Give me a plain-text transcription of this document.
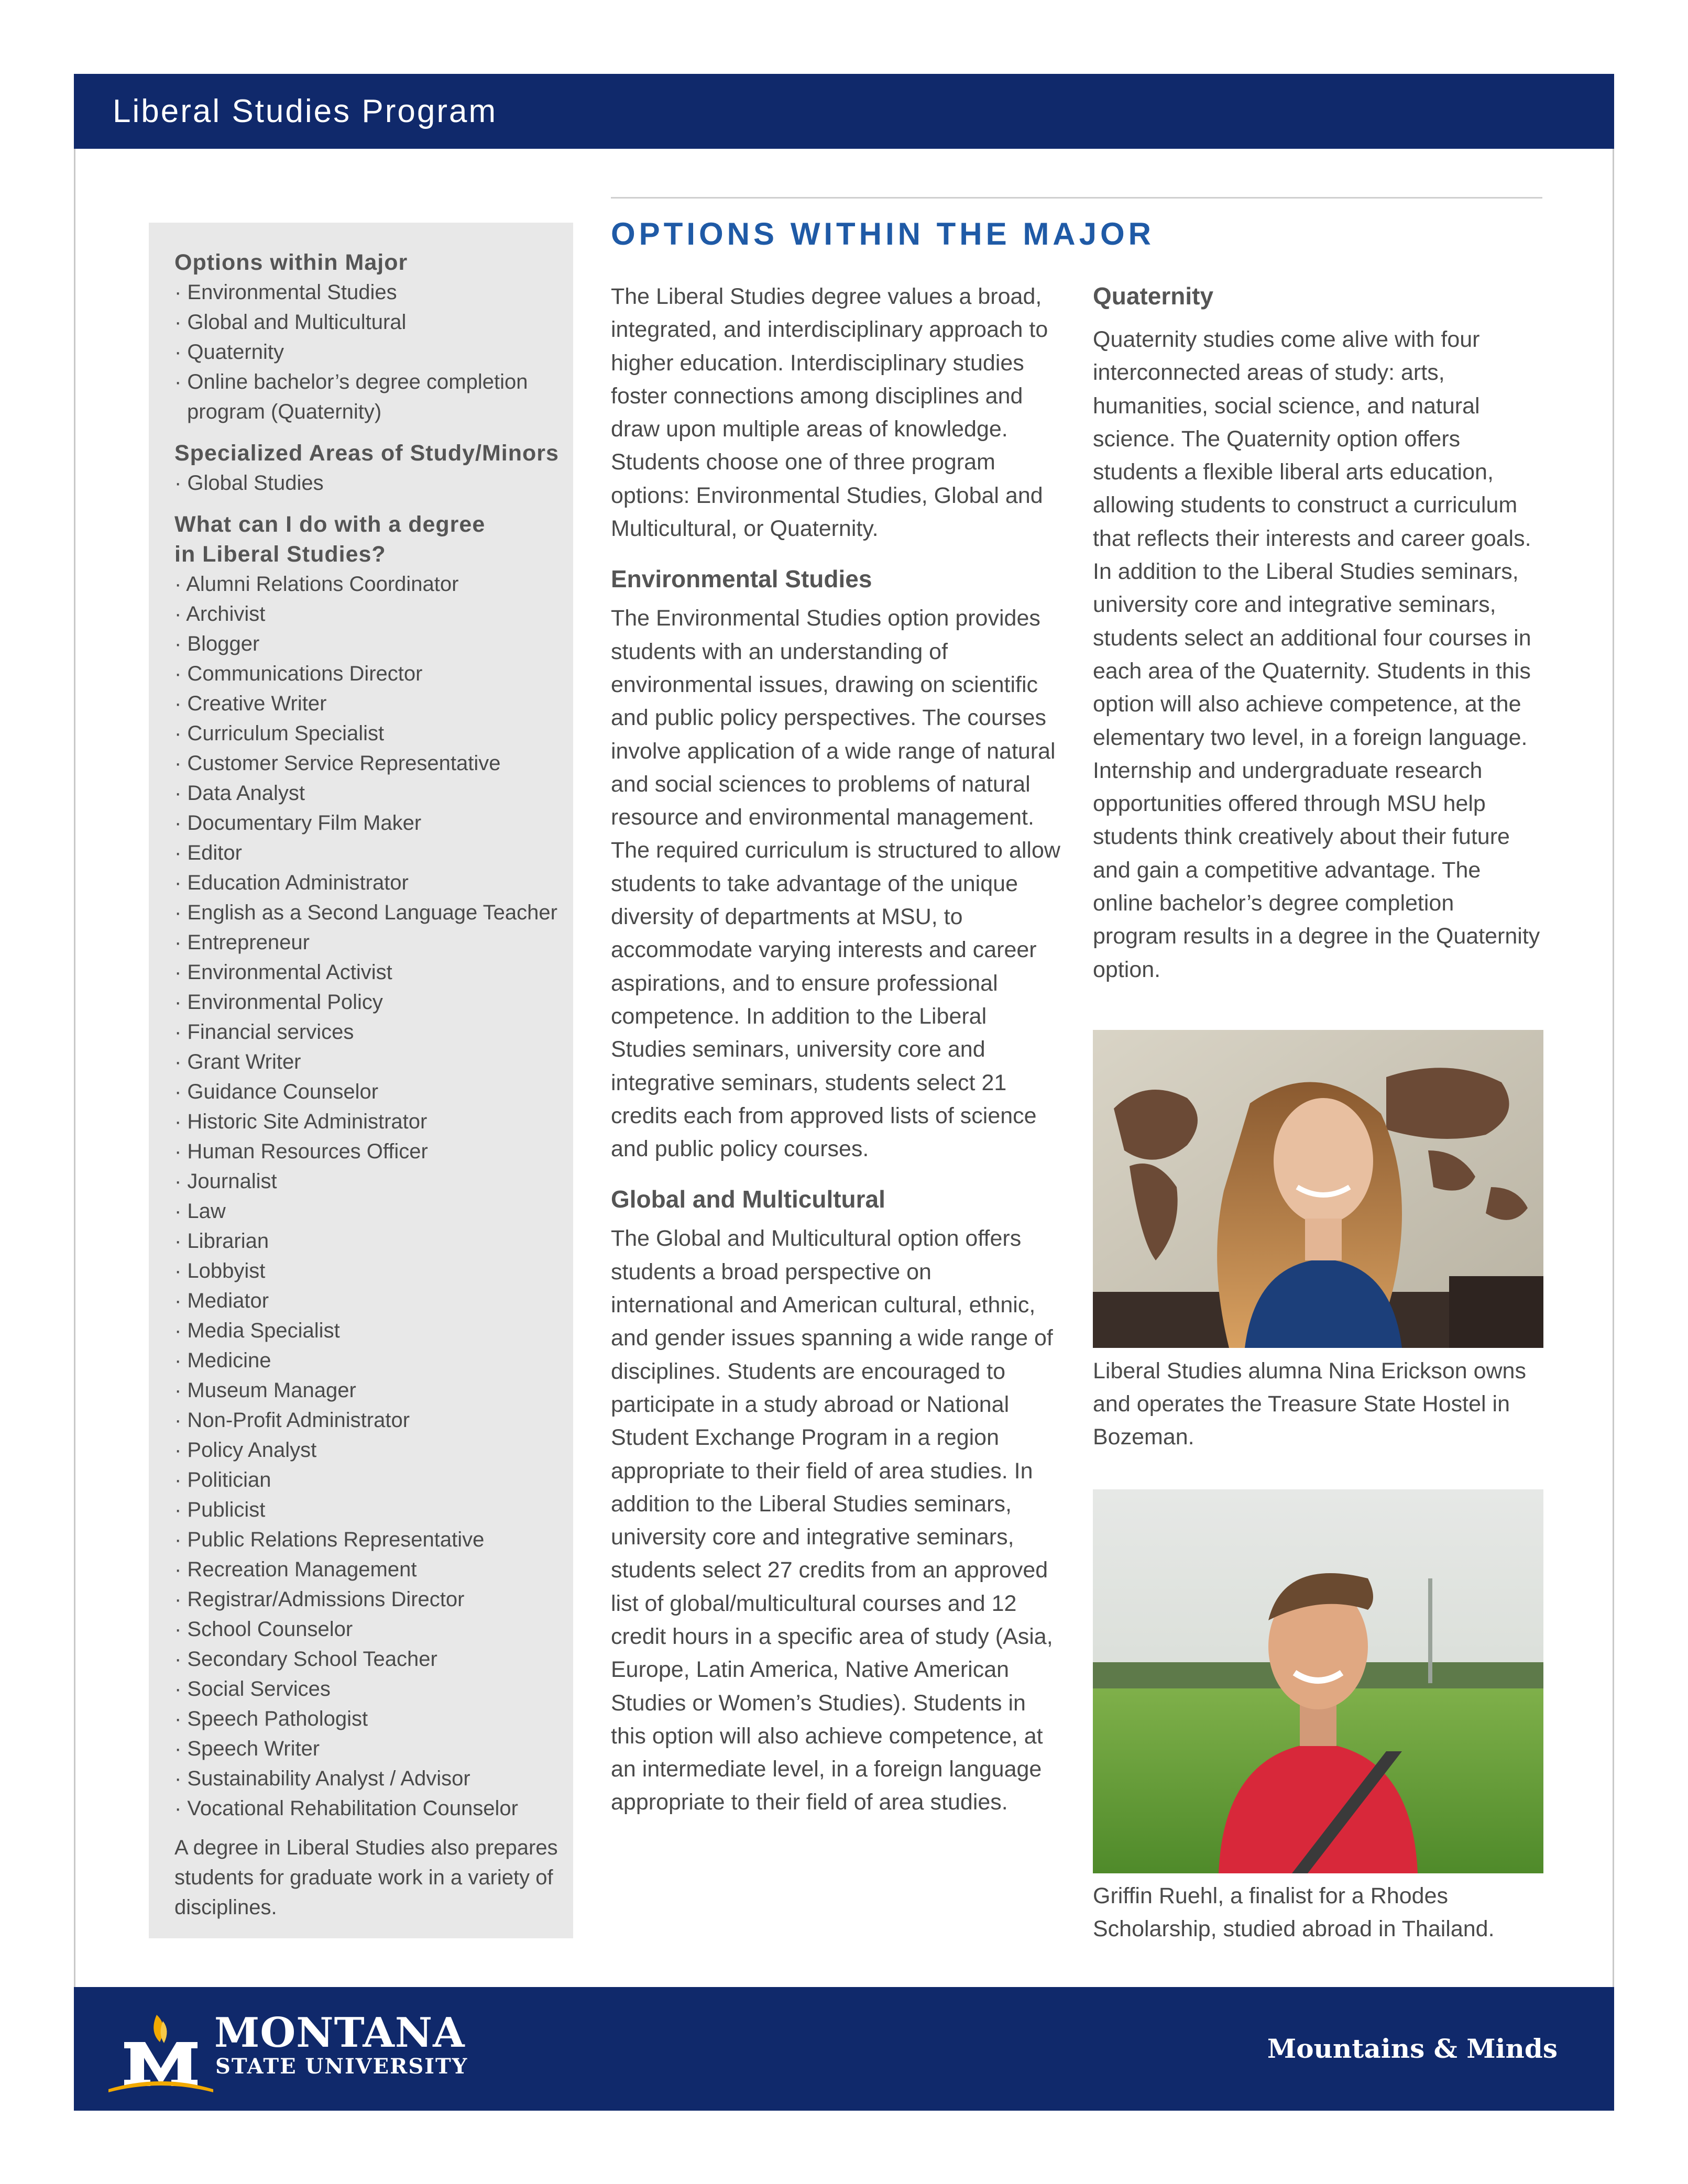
Liberal Studies Program
Options within Major
· Environmental Studies
· Global and Multicultural
· Quaternity
· Online bachelor’s degree completion program (Quaternity)
Specialized Areas of Study/Minors
· Global Studies
What can I do with a degree in Liberal Studies?
· Alumni Relations Coordinator
· Archivist
· Blogger
· Communications Director
· Creative Writer
· Curriculum Specialist
· Customer Service Representative
· Data Analyst
· Documentary Film Maker
· Editor
· Education Administrator
· English as a Second Language Teacher
· Entrepreneur
· Environmental Activist
· Environmental Policy
· Financial services
· Grant Writer
· Guidance Counselor
· Historic Site Administrator
· Human Resources Officer
· Journalist
· Law
· Librarian
· Lobbyist
· Mediator
· Media Specialist
· Medicine
· Museum Manager
· Non-Profit Administrator
· Policy Analyst
· Politician
· Publicist
· Public Relations Representative
· Recreation Management
· Registrar/Admissions Director
· School Counselor
· Secondary School Teacher
· Social Services
· Speech Pathologist
· Speech Writer
· Sustainability Analyst / Advisor
· Vocational Rehabilitation Counselor
A degree in Liberal Studies also prepares students for graduate work in a variety of disciplines.
OPTIONS WITHIN THE MAJOR

The Liberal Studies degree values a broad, integrated, and interdisciplinary approach to higher education. Interdisciplinary studies foster connections among disciplines and draw upon multiple areas of knowledge. Students choose one of three program options: Environmental Studies, Global and Multicultural, or Quaternity.

Environmental Studies

The Environmental Studies option provides students with an understanding of environmental issues, drawing on scientific and public policy perspectives. The courses involve application of a wide range of natural and social sciences to problems of natural resource and environmental management. The required curriculum is structured to allow students to take advantage of the unique diversity of departments at MSU, to accommodate varying interests and career aspirations, and to ensure professional competence. In addition to the Liberal Studies seminars, university core and integrative seminars, students select 21 credits each from approved lists of science and public policy courses.

Global and Multicultural

The Global and Multicultural option offers students a broad perspective on international and American cultural, ethnic, and gender issues spanning a wide range of disciplines. Students are encouraged to participate in a study abroad or National Student Exchange Program in a region appropriate to their field of area studies. In addition to the Liberal Studies seminars, university core and integrative seminars, students select 27 credits from an approved list of global/multicultural courses and 12 credit hours in a specific area of study (Asia, Europe, Latin America, Native American Studies or Women’s Studies). Students in this option will also achieve competence, at an intermediate level, in a foreign language appropriate to their field of area studies.

Quaternity

Quaternity studies come alive with four interconnected areas of study: arts, humanities, social science, and natural science. The Quaternity option offers students a flexible liberal arts education, allowing students to construct a curriculum that reflects their interests and career goals. In addition to the Liberal Studies seminars, university core and integrative seminars, students select an additional four courses in each area of the Quaternity. Students in this option will also achieve competence, at the elementary two level, in a foreign language. Internship and undergraduate research opportunities offered through MSU help students think creatively about their future and gain a competitive advantage. The online bachelor’s degree completion program results in a degree in the Quaternity option.

Liberal Studies alumna Nina Erickson owns and operates the Treasure State Hostel in Bozeman.
Griffin Ruehl, a finalist for a Rhodes Scholarship, studied abroad in Thailand.
MONTANA
STATE UNIVERSITY
Mountains & Minds
